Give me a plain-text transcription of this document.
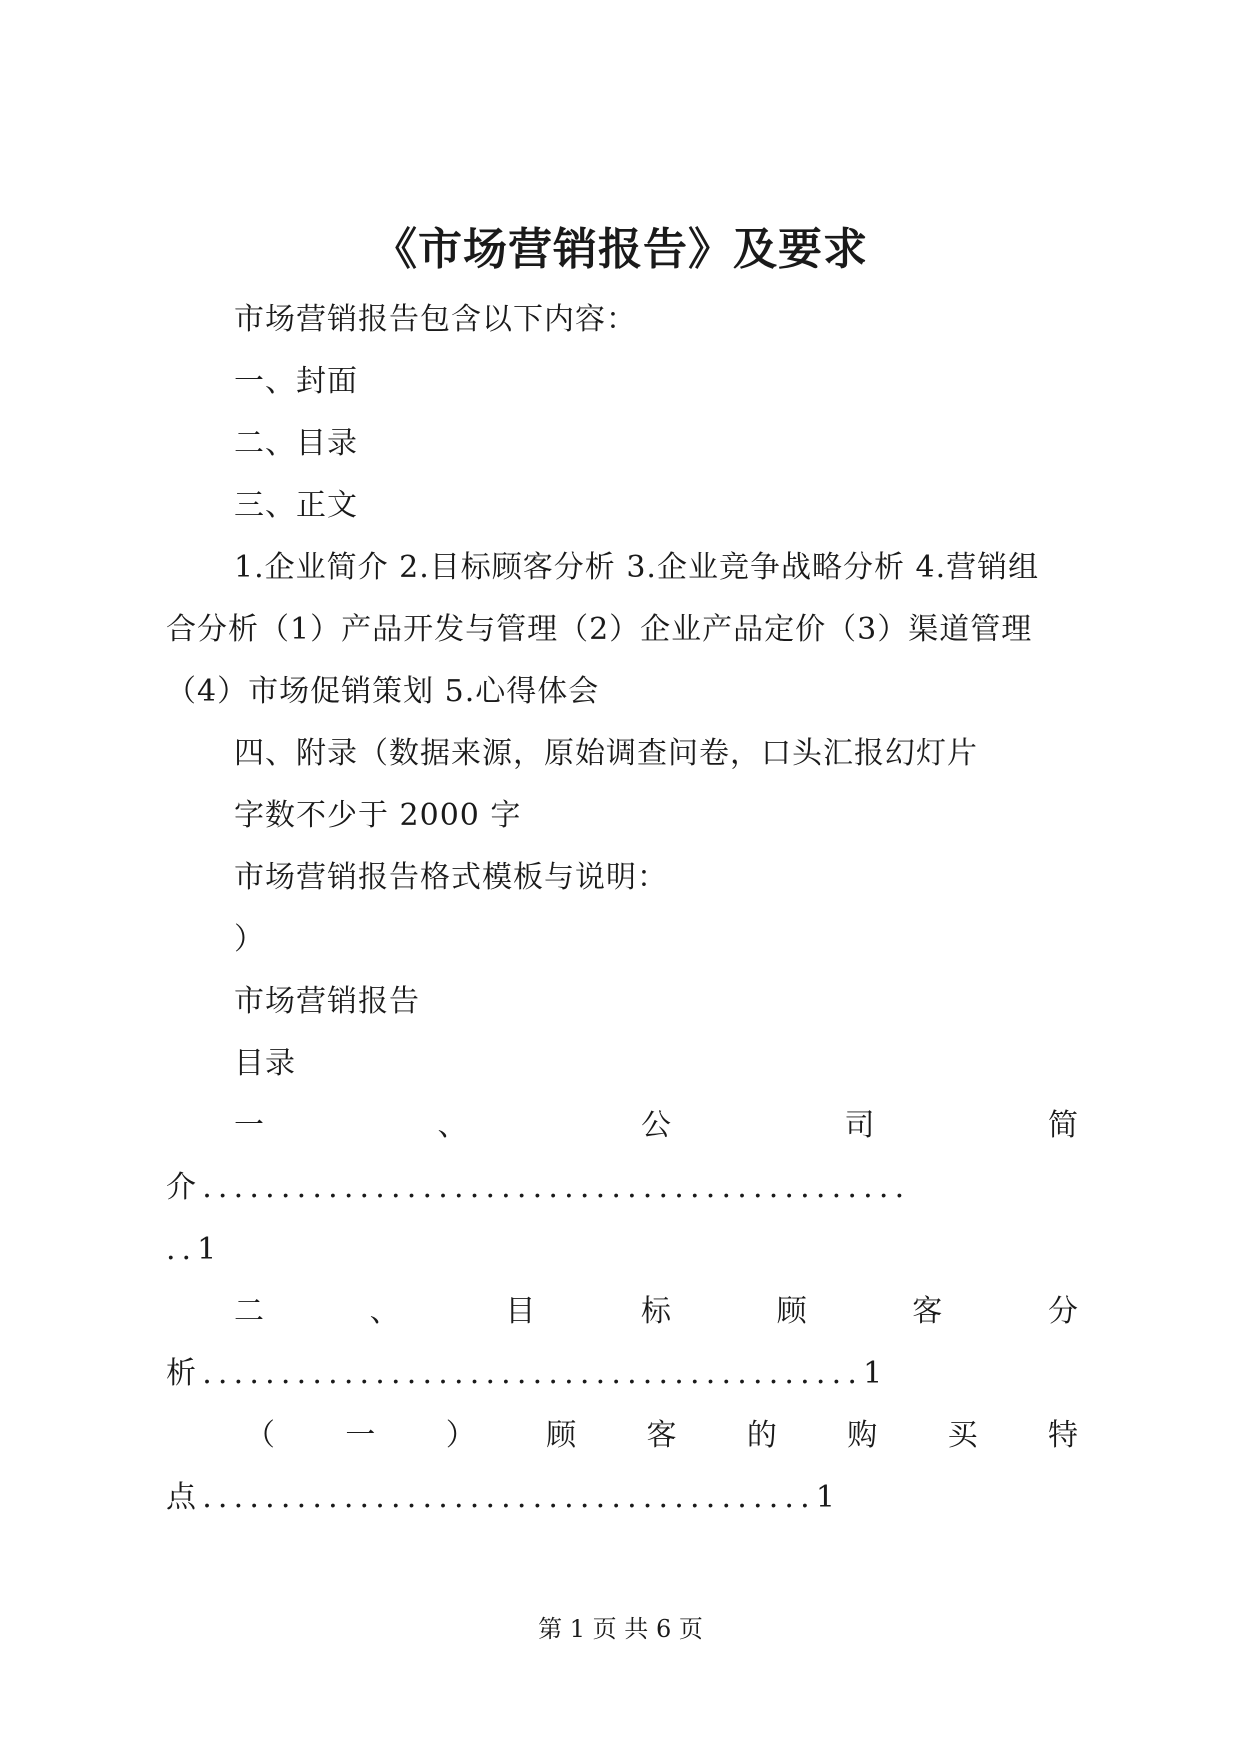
《市场营销报告》及要求
市场营销报告包含以下内容：
一、封面
二、目录
三、正文
1.企业简介 2.目标顾客分析 3.企业竞争战略分析 4.营销组
合分析（1）产品开发与管理（2）企业产品定价（3）渠道管理
（4）市场促销策划 5.心得体会
四、附录（数据来源，原始调查问卷，口头汇报幻灯片
字数不少于 2000 字
市场营销报告格式模板与说明：
）
市场营销报告
目录
一	、	公	司	简
介.............................................
..1
二	、	目	标	顾	客	分
析..........................................1
（ 一 ） 顾 客 的 购 买 特
点.......................................1
第 1 页 共 6 页
